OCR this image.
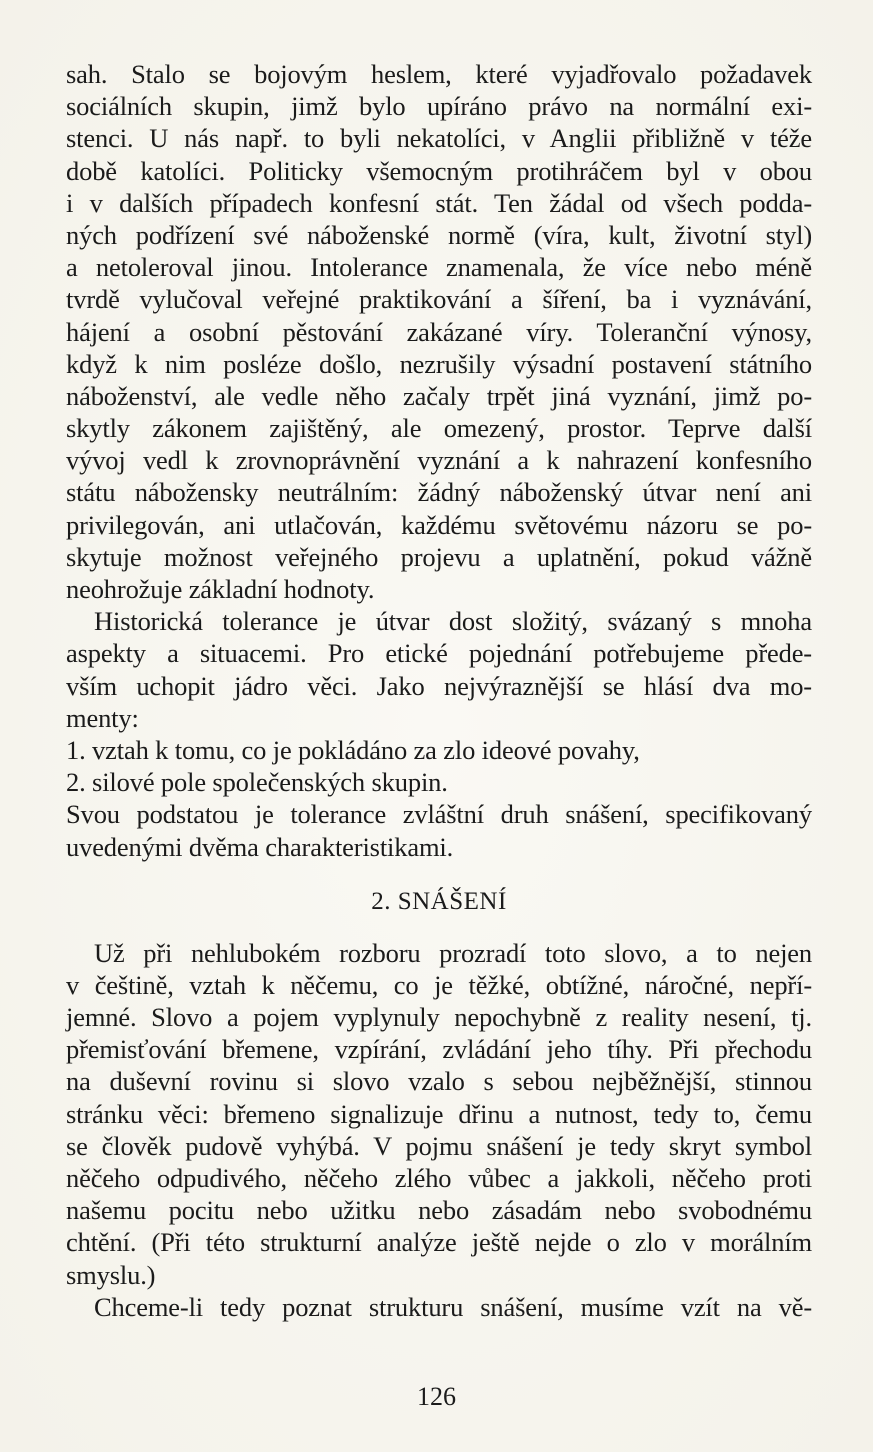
sah. Stalo se bojovým heslem, které vyjadřovalo požadavek
sociálních skupin, jimž bylo upíráno právo na normální exi-
stenci. U nás např. to byli nekatolíci, v Anglii přibližně v téže
době katolíci. Politicky všemocným protihráčem byl v obou
i v dalších případech konfesní stát. Ten žádal od všech podda-
ných podřízení své náboženské normě (víra, kult, životní styl)
a netoleroval jinou. Intolerance znamenala, že více nebo méně
tvrdě vylučoval veřejné praktikování a šíření, ba i vyznávání,
hájení a osobní pěstování zakázané víry. Toleranční výnosy,
když k nim posléze došlo, nezrušily výsadní postavení státního
náboženství, ale vedle něho začaly trpět jiná vyznání, jimž po-
skytly zákonem zajištěný, ale omezený, prostor. Teprve další
vývoj vedl k zrovnoprávnění vyznání a k nahrazení konfesního
státu nábožensky neutrálním: žádný náboženský útvar není ani
privilegován, ani utlačován, každému světovému názoru se po-
skytuje možnost veřejného projevu a uplatnění, pokud vážně
neohrožuje základní hodnoty.
Historická tolerance je útvar dost složitý, svázaný s mnoha
aspekty a situacemi. Pro etické pojednání potřebujeme přede-
vším uchopit jádro věci. Jako nejvýraznější se hlásí dva mo-
menty:
1. vztah k tomu, co je pokládáno za zlo ideové povahy,
2. silové pole společenských skupin.
Svou podstatou je tolerance zvláštní druh snášení, specifikovaný
uvedenými dvěma charakteristikami.
2. SNÁŠENÍ
Už při nehlubokém rozboru prozradí toto slovo, a to nejen
v češtině, vztah k něčemu, co je těžké, obtížné, náročné, nepří-
jemné. Slovo a pojem vyplynuly nepochybně z reality nesení, tj.
přemisťování břemene, vzpírání, zvládání jeho tíhy. Při přechodu
na duševní rovinu si slovo vzalo s sebou nejběžnější, stinnou
stránku věci: břemeno signalizuje dřinu a nutnost, tedy to, čemu
se člověk pudově vyhýbá. V pojmu snášení je tedy skryt symbol
něčeho odpudivého, něčeho zlého vůbec a jakkoli, něčeho proti
našemu pocitu nebo užitku nebo zásadám nebo svobodnému
chtění. (Při této strukturní analýze ještě nejde o zlo v morálním
smyslu.)
Chceme-li tedy poznat strukturu snášení, musíme vzít na vě-
126
